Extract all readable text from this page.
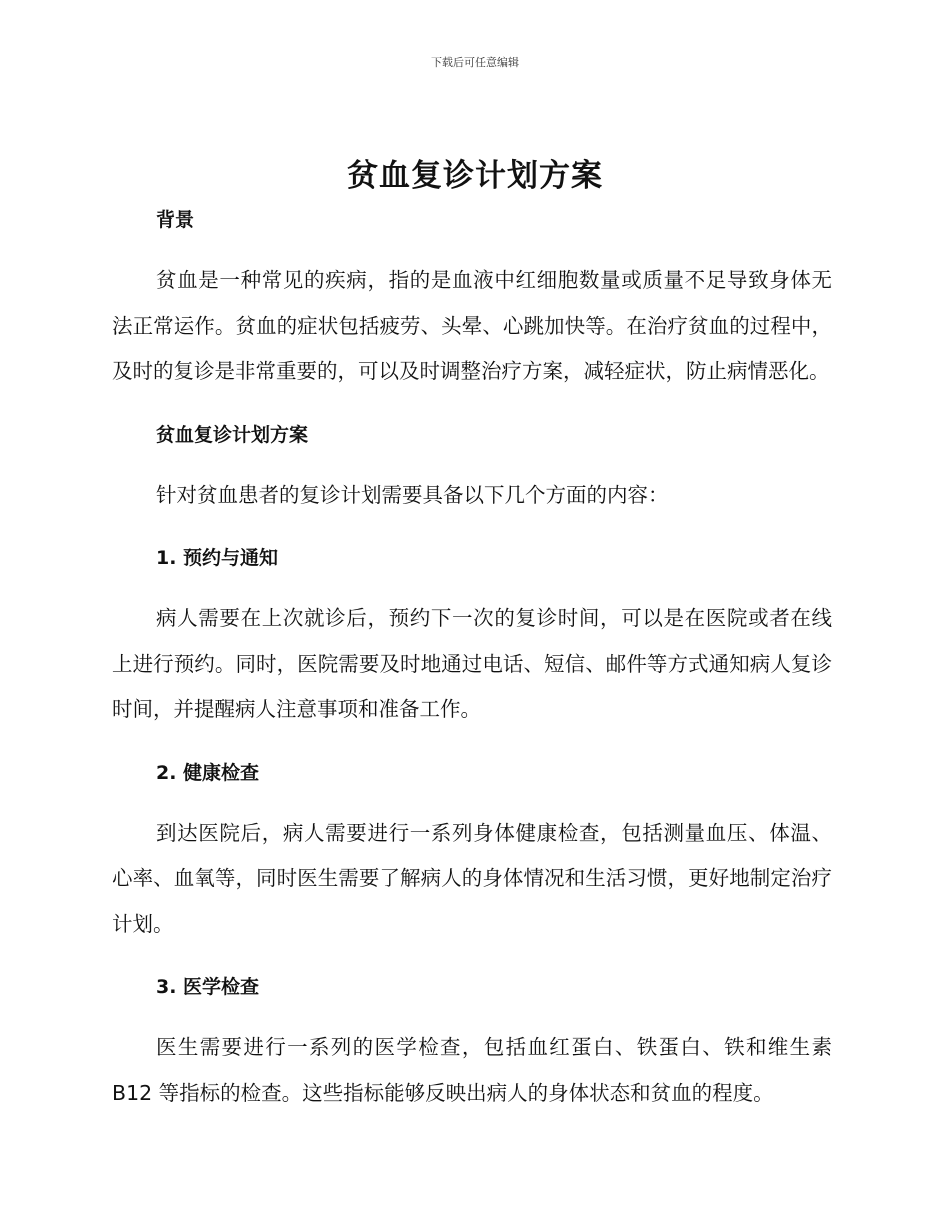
下载后可任意编辑
贫血复诊计划方案
背景

贫血是一种常见的疾病，指的是血液中红细胞数量或质量不足导致身体无法正常运作。贫血的症状包括疲劳、头晕、心跳加快等。在治疗贫血的过程中，及时的复诊是非常重要的，可以及时调整治疗方案，减轻症状，防止病情恶化。

贫血复诊计划方案

针对贫血患者的复诊计划需要具备以下几个方面的内容：

1. 预约与通知

病人需要在上次就诊后，预约下一次的复诊时间，可以是在医院或者在线上进行预约。同时，医院需要及时地通过电话、短信、邮件等方式通知病人复诊时间，并提醒病人注意事项和准备工作。

2. 健康检查

到达医院后，病人需要进行一系列身体健康检查，包括测量血压、体温、心率、血氧等，同时医生需要了解病人的身体情况和生活习惯，更好地制定治疗计划。

3. 医学检查

医生需要进行一系列的医学检查，包括血红蛋白、铁蛋白、铁和维生素 B12 等指标的检查。这些指标能够反映出病人的身体状态和贫血的程度。
